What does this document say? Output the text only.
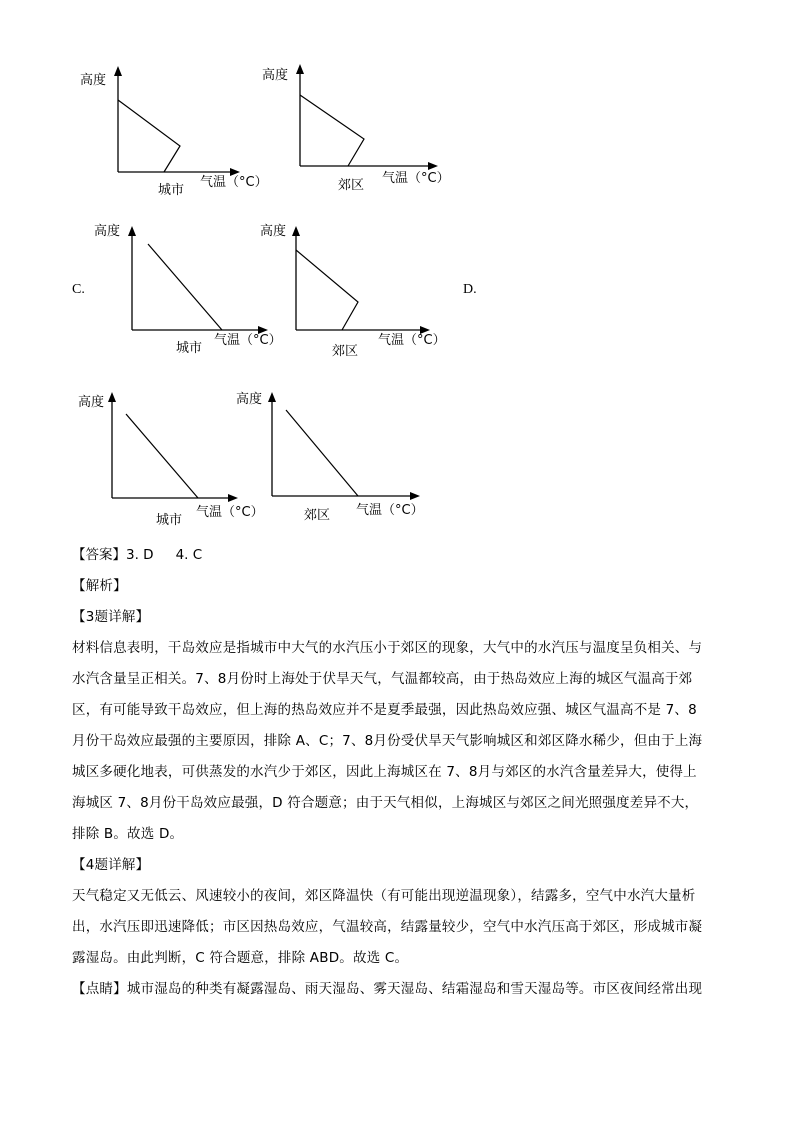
高度
城市
气温（°C）
高度
郊区 气温（°C）
C.
高度
城市
气温（°C）
高度
郊区
气温（°C）
D.
高度
城市
气温（°C）
高度
郊区 气温（°C）
【答案】3. D 4. C

【解析】

【3题详解】

材料信息表明，干岛效应是指城市中大气的水汽压小于郊区的现象，大气中的水汽压与温度呈负相关、与

水汽含量呈正相关。7、8月份时上海处于伏旱天气，气温都较高，由于热岛效应上海的城区气温高于郊

区，有可能导致干岛效应，但上海的热岛效应并不是夏季最强，因此热岛效应强、城区气温高不是 7、8

月份干岛效应最强的主要原因，排除 A、C；7、8月份受伏旱天气影响城区和郊区降水稀少，但由于上海

城区多硬化地表，可供蒸发的水汽少于郊区，因此上海城区在 7、8月与郊区的水汽含量差异大，使得上

海城区 7、8月份干岛效应最强，D 符合题意；由于天气相似，上海城区与郊区之间光照强度差异不大，

排除 B。故选 D。

【4题详解】

天气稳定又无低云、风速较小的夜间，郊区降温快（有可能出现逆温现象），结露多，空气中水汽大量析

出，水汽压即迅速降低；市区因热岛效应，气温较高，结露量较少，空气中水汽压高于郊区，形成城市凝

露湿岛。由此判断，C 符合题意，排除 ABD。故选 C。

【点睛】城市湿岛的种类有凝露湿岛、雨天湿岛、雾天湿岛、结霜湿岛和雪天湿岛等。市区夜间经常出现
